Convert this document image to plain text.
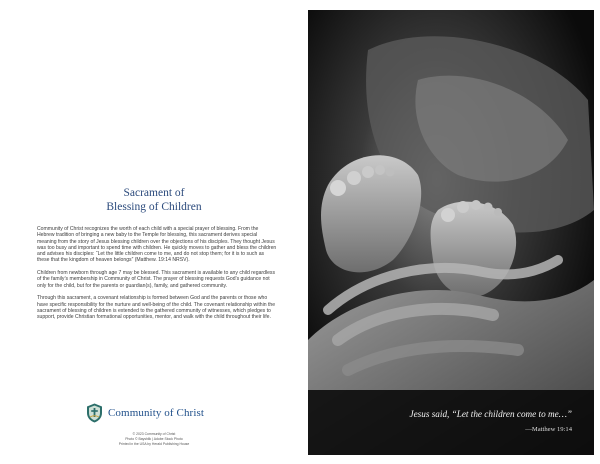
Sacrament of
Blessing of Children

Community of Christ recognizes the worth of each child with a special prayer of blessing. From the Hebrew tradition of bringing a new baby to the Temple for blessing, this sacrament derives special meaning from the story of Jesus blessing children over the objections of his disciples. They thought Jesus was too busy and important to spend time with children. He quickly moves to gather and bless the children and advises his disciples: “Let the little children come to me, and do not stop them; for it is to such as these that the kingdom of heaven belongs” (Matthew. 19:14 NRSV).

Children from newborn through age 7 may be blessed. This sacrament is available to any child regardless of the family’s membership in Community of Christ. The prayer of blessing requests God’s guidance not only for the child, but for the parents or guardian(s), family, and gathered community.

Through this sacrament, a covenant relationship is formed between God and the parents or those who have specific responsibility for the nurture and well-being of the child. The covenant relationship within the sacrament of blessing of children is extended to the gathered community of witnesses, which pledges to support, provide Christian formational opportunities, mentor, and walk with the child throughout their life.

Community of Christ
© 2023 Community of Christ
Photo © Bayshlik | Adobe Stock Photo
Printed in the USA by Herald Publishing House
Jesus said, “Let the children come to me…”
—Matthew 19:14
